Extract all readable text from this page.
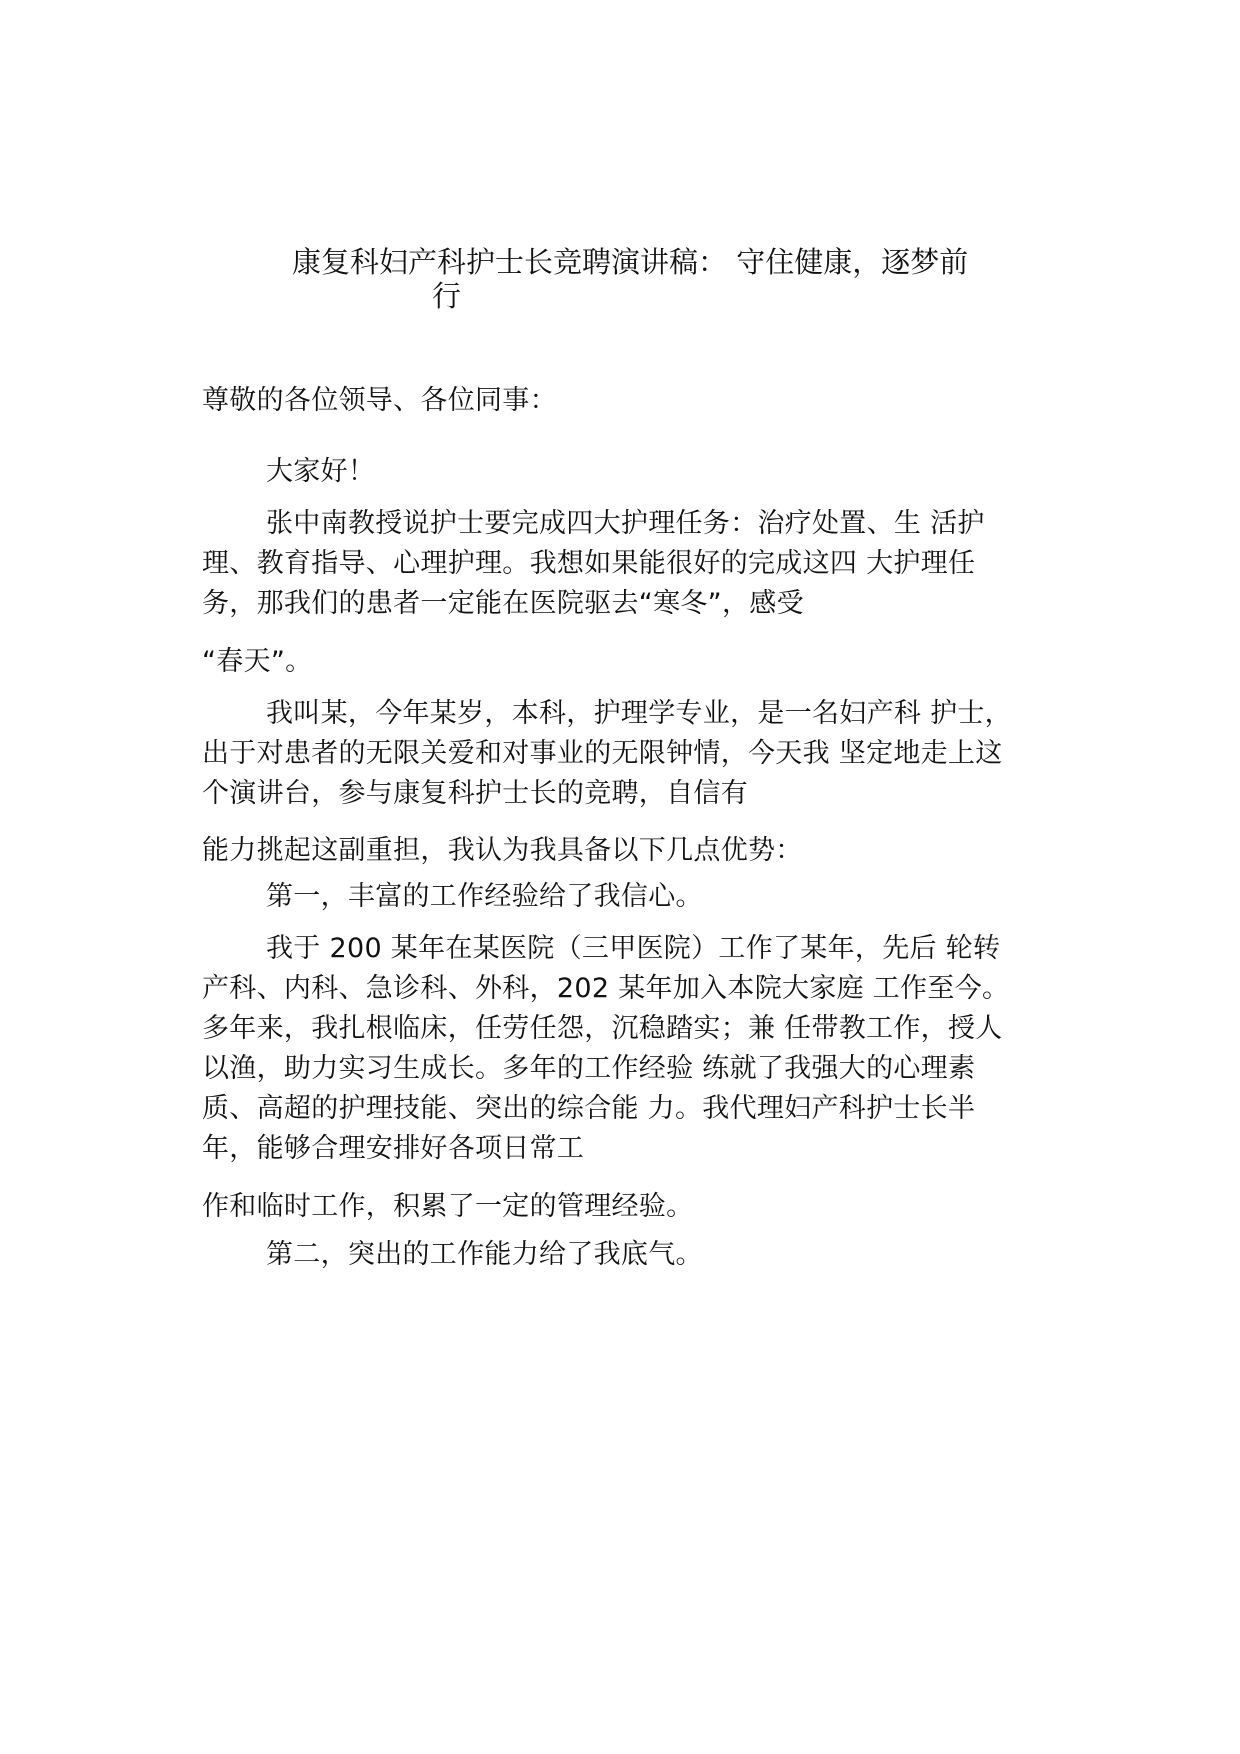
康复科妇产科护士长竞聘演讲稿： 守住健康，逐梦前
行
尊敬的各位领导、各位同事：
大家好！
张中南教授说护士要完成四大护理任务：治疗处置、生 活护
理、教育指导、心理护理。我想如果能很好的完成这四 大护理任
务，那我们的患者一定能在医院驱去“寒冬”，感受
“春天”。
我叫某，今年某岁，本科，护理学专业，是一名妇产科 护士，
出于对患者的无限关爱和对事业的无限钟情，今天我 坚定地走上这
个演讲台，参与康复科护士长的竞聘，自信有
能力挑起这副重担，我认为我具备以下几点优势：
第一，丰富的工作经验给了我信心。
我于 200 某年在某医院（三甲医院）工作了某年，先后 轮转
产科、内科、急诊科、外科，202 某年加入本院大家庭 工作至今。
多年来，我扎根临床，任劳任怨，沉稳踏实；兼 任带教工作，授人
以渔，助力实习生成长。多年的工作经验 练就了我强大的心理素
质、高超的护理技能、突出的综合能 力。我代理妇产科护士长半
年，能够合理安排好各项日常工
作和临时工作，积累了一定的管理经验。
第二，突出的工作能力给了我底气。
